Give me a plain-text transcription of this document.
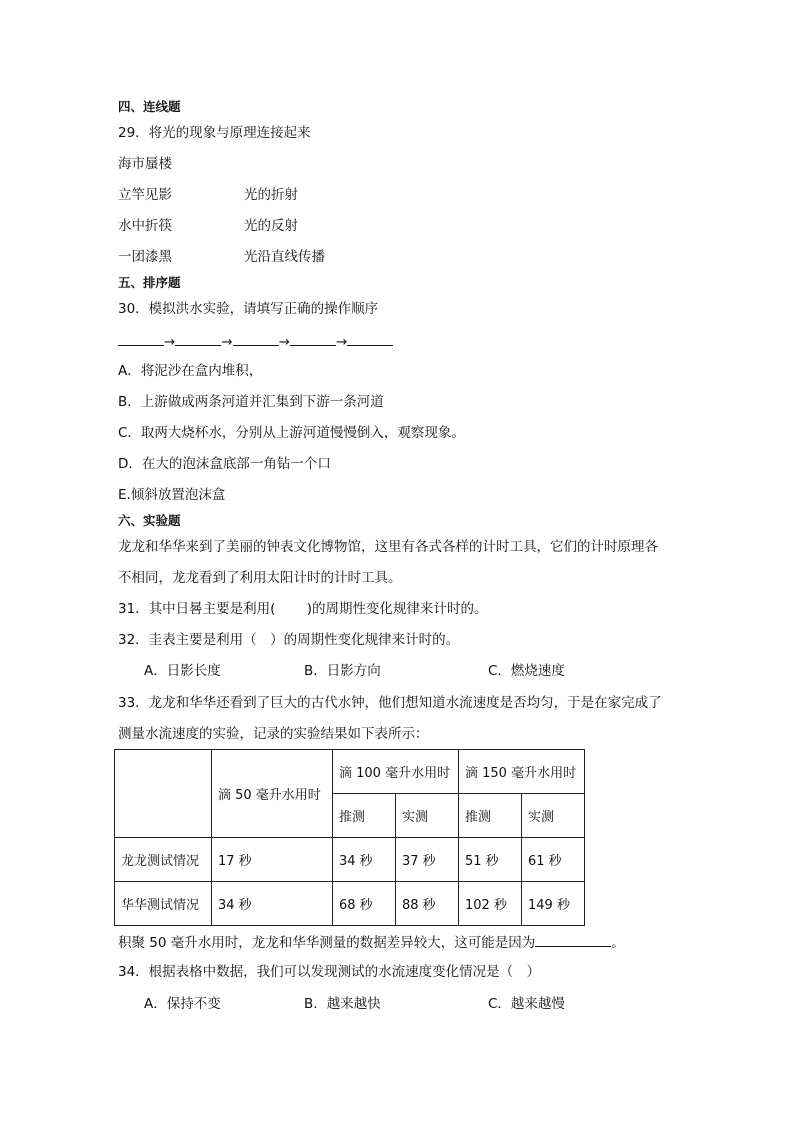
四、连线题
29．将光的现象与原理连接起来
海市蜃楼
立竿见影	光的折射
水中折筷	光的反射
一团漆黑	光沿直线传播
五、排序题
30．模拟洪水实验，请填写正确的操作顺序
→	→	→	→
A．将泥沙在盒内堆积，
B．上游做成两条河道并汇集到下游一条河道
C．取两大烧杯水，分别从上游河道慢慢倒入，观察现象。
D．在大的泡沫盒底部一角钻一个口
E.倾斜放置泡沫盒
六、实验题
龙龙和华华来到了美丽的钟表文化博物馆，这里有各式各样的计时工具，它们的计时原理各
不相同，龙龙看到了利用太阳计时的计时工具。
31．其中日晷主要是利用(　　 )的周期性变化规律来计时的。
32．圭表主要是利用（　）的周期性变化规律来计时的。
A．日影长度	B．日影方向	C．燃烧速度
33．龙龙和华华还看到了巨大的古代水钟，他们想知道水流速度是否均匀，于是在家完成了
测量水流速度的实验，记录的实验结果如下表所示：
	滴 50 毫升水用时	滴 100 毫升水用时		滴 150 毫升水用时	
		推测	实测	推测	实测
龙龙测试情况	17 秒	34 秒	37 秒	51 秒	61 秒
华华测试情况	34 秒	68 秒	88 秒	102 秒	149 秒
积聚 50 毫升水用时，龙龙和华华测量的数据差异较大，这可能是因为	。
34．根据表格中数据，我们可以发现测试的水流速度变化情况是（　）
A．保持不变	B．越来越快	C．越来越慢
